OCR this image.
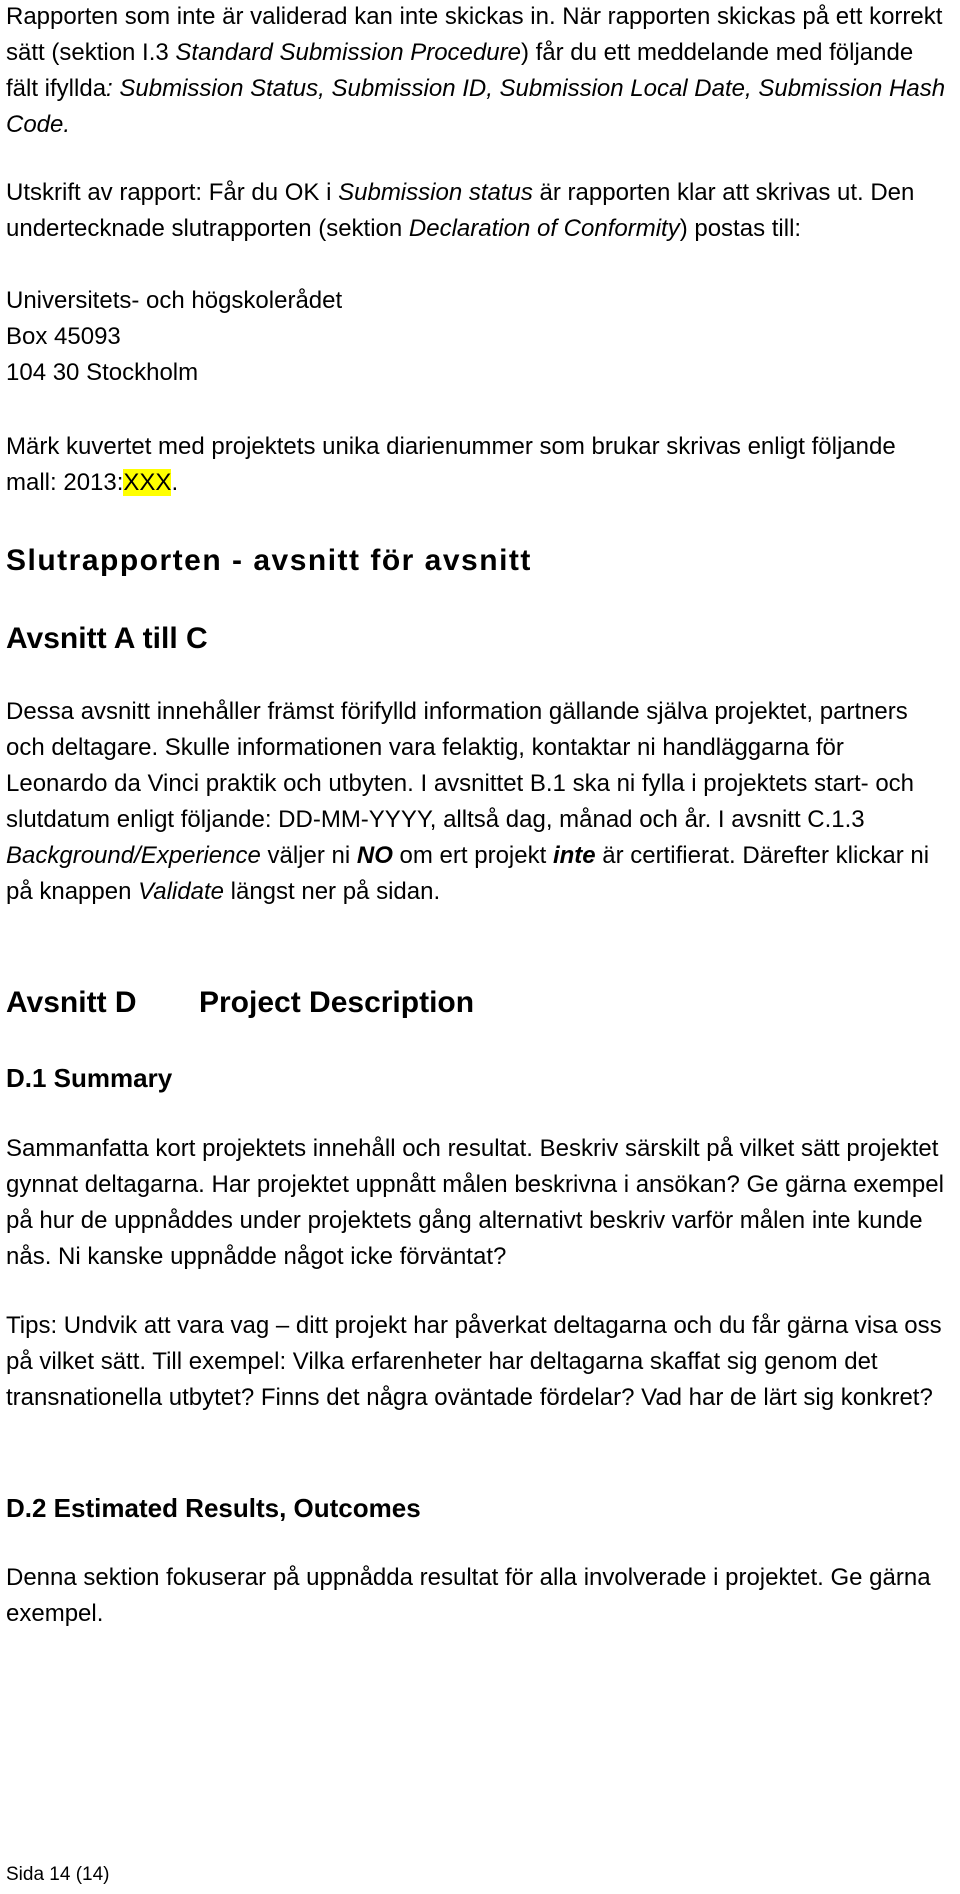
Rapporten som inte är validerad kan inte skickas in. När rapporten skickas på ett korrekt sätt (sektion I.3 Standard Submission Procedure) får du ett meddelande med följande fält ifyllda: Submission Status, Submission ID, Submission Local Date, Submission Hash Code.

Utskrift av rapport: Får du OK i Submission status är rapporten klar att skrivas ut. Den undertecknade slutrapporten (sektion Declaration of Conformity) postas till:

Universitets- och högskolerådet

Box 45093

104 30 Stockholm

Märk kuvertet med projektets unika diarienummer som brukar skrivas enligt följande mall: 2013:XXX.

Slutrapporten - avsnitt för avsnitt
Avsnitt A till C

Dessa avsnitt innehåller främst förifylld information gällande själva projektet, partners och deltagare. Skulle informationen vara felaktig, kontaktar ni handläggarna för Leonardo da Vinci praktik och utbyten. I avsnittet B.1 ska ni fylla i projektets start- och slutdatum enligt följande: DD-MM-YYYY, alltså dag, månad och år. I avsnitt C.1.3 Background/Experience väljer ni NO om ert projekt inte är certifierat. Därefter klickar ni på knappen Validate längst ner på sidan.

Avsnitt D Project Description
D.1 Summary

Sammanfatta kort projektets innehåll och resultat. Beskriv särskilt på vilket sätt projektet gynnat deltagarna. Har projektet uppnått målen beskrivna i ansökan? Ge gärna exempel på hur de uppnåddes under projektets gång alternativt beskriv varför målen inte kunde nås. Ni kanske uppnådde något icke förväntat?

Tips: Undvik att vara vag – ditt projekt har påverkat deltagarna och du får gärna visa oss på vilket sätt. Till exempel: Vilka erfarenheter har deltagarna skaffat sig genom det transnationella utbytet? Finns det några oväntade fördelar? Vad har de lärt sig konkret?

D.2 Estimated Results, Outcomes

Denna sektion fokuserar på uppnådda resultat för alla involverade i projektet. Ge gärna exempel.

Sida 14 (14)
